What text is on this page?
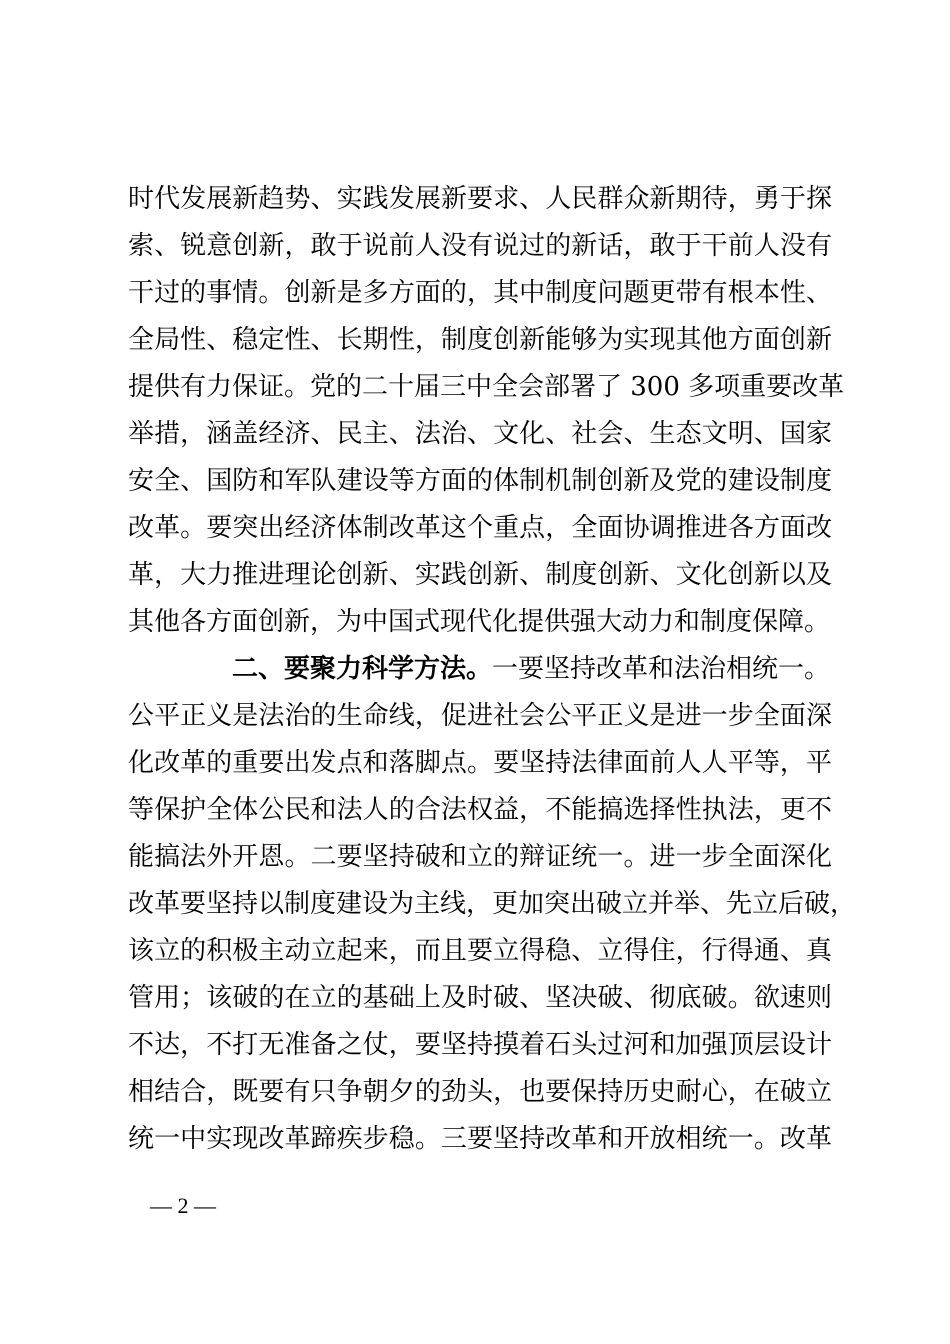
时代发展新趋势、实践发展新要求、人民群众新期待，勇于探
索、锐意创新，敢于说前人没有说过的新话，敢于干前人没有
干过的事情。创新是多方面的，其中制度问题更带有根本性、
全局性、稳定性、长期性，制度创新能够为实现其他方面创新
提供有力保证。党的二十届三中全会部署了 300 多项重要改革
举措，涵盖经济、民主、法治、文化、社会、生态文明、国家
安全、国防和军队建设等方面的体制机制创新及党的建设制度
改革。要突出经济体制改革这个重点，全面协调推进各方面改
革，大力推进理论创新、实践创新、制度创新、文化创新以及
其他各方面创新，为中国式现代化提供强大动力和制度保障。
二、要聚力科学方法。一要坚持改革和法治相统一。
公平正义是法治的生命线，促进社会公平正义是进一步全面深
化改革的重要出发点和落脚点。要坚持法律面前人人平等，平
等保护全体公民和法人的合法权益，不能搞选择性执法，更不
能搞法外开恩。二要坚持破和立的辩证统一。进一步全面深化
改革要坚持以制度建设为主线，更加突出破立并举、先立后破，
该立的积极主动立起来，而且要立得稳、立得住，行得通、真
管用；该破的在立的基础上及时破、坚决破、彻底破。欲速则
不达，不打无准备之仗，要坚持摸着石头过河和加强顶层设计
相结合，既要有只争朝夕的劲头，也要保持历史耐心，在破立
统一中实现改革蹄疾步稳。三要坚持改革和开放相统一。改革
— 2 —
